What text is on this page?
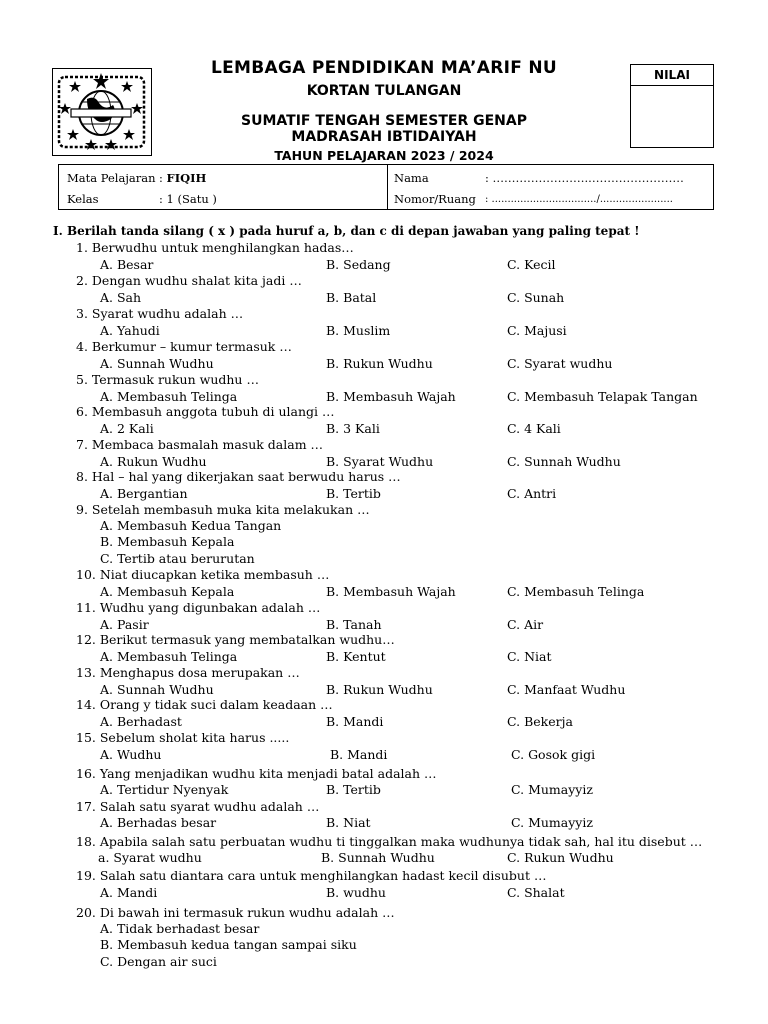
LEMBAGA PENDIDIKAN MA’ARIF NU
KORTAN TULANGAN
SUMATIF TENGAH SEMESTER GENAP
MADRASAH IBTIDAIYAH
TAHUN PELAJARAN 2023 / 2024
NILAI
Mata Pelajaran : FIQIH
Kelas	: 1 (Satu )
Nama	: ……………………..……………………
Nomor/Ruang : ................................./.......................
I. Berilah tanda silang ( x ) pada huruf a, b, dan c di depan jawaban yang paling tepat !
1. Berwudhu untuk menghilangkan hadas…
A. Besar	B. Sedang	C. Kecil
2. Dengan wudhu shalat kita jadi …
A. Sah	B. Batal	C. Sunah
3. Syarat wudhu adalah …
A. Yahudi	B. Muslim	C. Majusi
4. Berkumur – kumur termasuk …
A. Sunnah Wudhu	B. Rukun Wudhu	C. Syarat wudhu
5. Termasuk rukun wudhu …
A. Membasuh Telinga	B. Membasuh Wajah	C. Membasuh Telapak Tangan
6. Membasuh anggota tubuh di ulangi …
A. 2 Kali	B. 3 Kali	C. 4 Kali
7. Membaca basmalah masuk dalam …
A. Rukun Wudhu	B. Syarat Wudhu	C. Sunnah Wudhu
8. Hal – hal yang dikerjakan saat berwudu harus …
A. Bergantian	B. Tertib	C. Antri
9. Setelah membasuh muka kita melakukan …
A. Membasuh Kedua Tangan
B. Membasuh Kepala
C. Tertib atau berurutan
10. Niat diucapkan ketika membasuh …
A. Membasuh Kepala	B. Membasuh Wajah	C. Membasuh Telinga
11. Wudhu yang digunbakan adalah …
A. Pasir	B. Tanah	C. Air
12. Berikut termasuk yang membatalkan wudhu…
A. Membasuh Telinga	B. Kentut	C. Niat
13. Menghapus dosa merupakan …
A. Sunnah Wudhu	B. Rukun Wudhu	C. Manfaat Wudhu
14. Orang y tidak suci dalam keadaan …
A. Berhadast	B. Mandi	C. Bekerja
15. Sebelum sholat kita harus .....
A. Wudhu	B. Mandi	C. Gosok gigi
16. Yang menjadikan wudhu kita menjadi batal adalah …
A. Tertidur Nyenyak	B. Tertib	C. Mumayyiz
17. Salah satu syarat wudhu adalah …
A. Berhadas besar	B. Niat	C. Mumayyiz
18. Apabila salah satu perbuatan wudhu ti tinggalkan maka wudhunya tidak sah, hal itu disebut …
a. Syarat wudhu	B. Sunnah Wudhu	C. Rukun Wudhu
19. Salah satu diantara cara untuk menghilangkan hadast kecil disubut …
A. Mandi	B. wudhu	C. Shalat
20. Di bawah ini termasuk rukun wudhu adalah …
A. Tidak berhadast besar
B. Membasuh kedua tangan sampai siku
C. Dengan air suci
